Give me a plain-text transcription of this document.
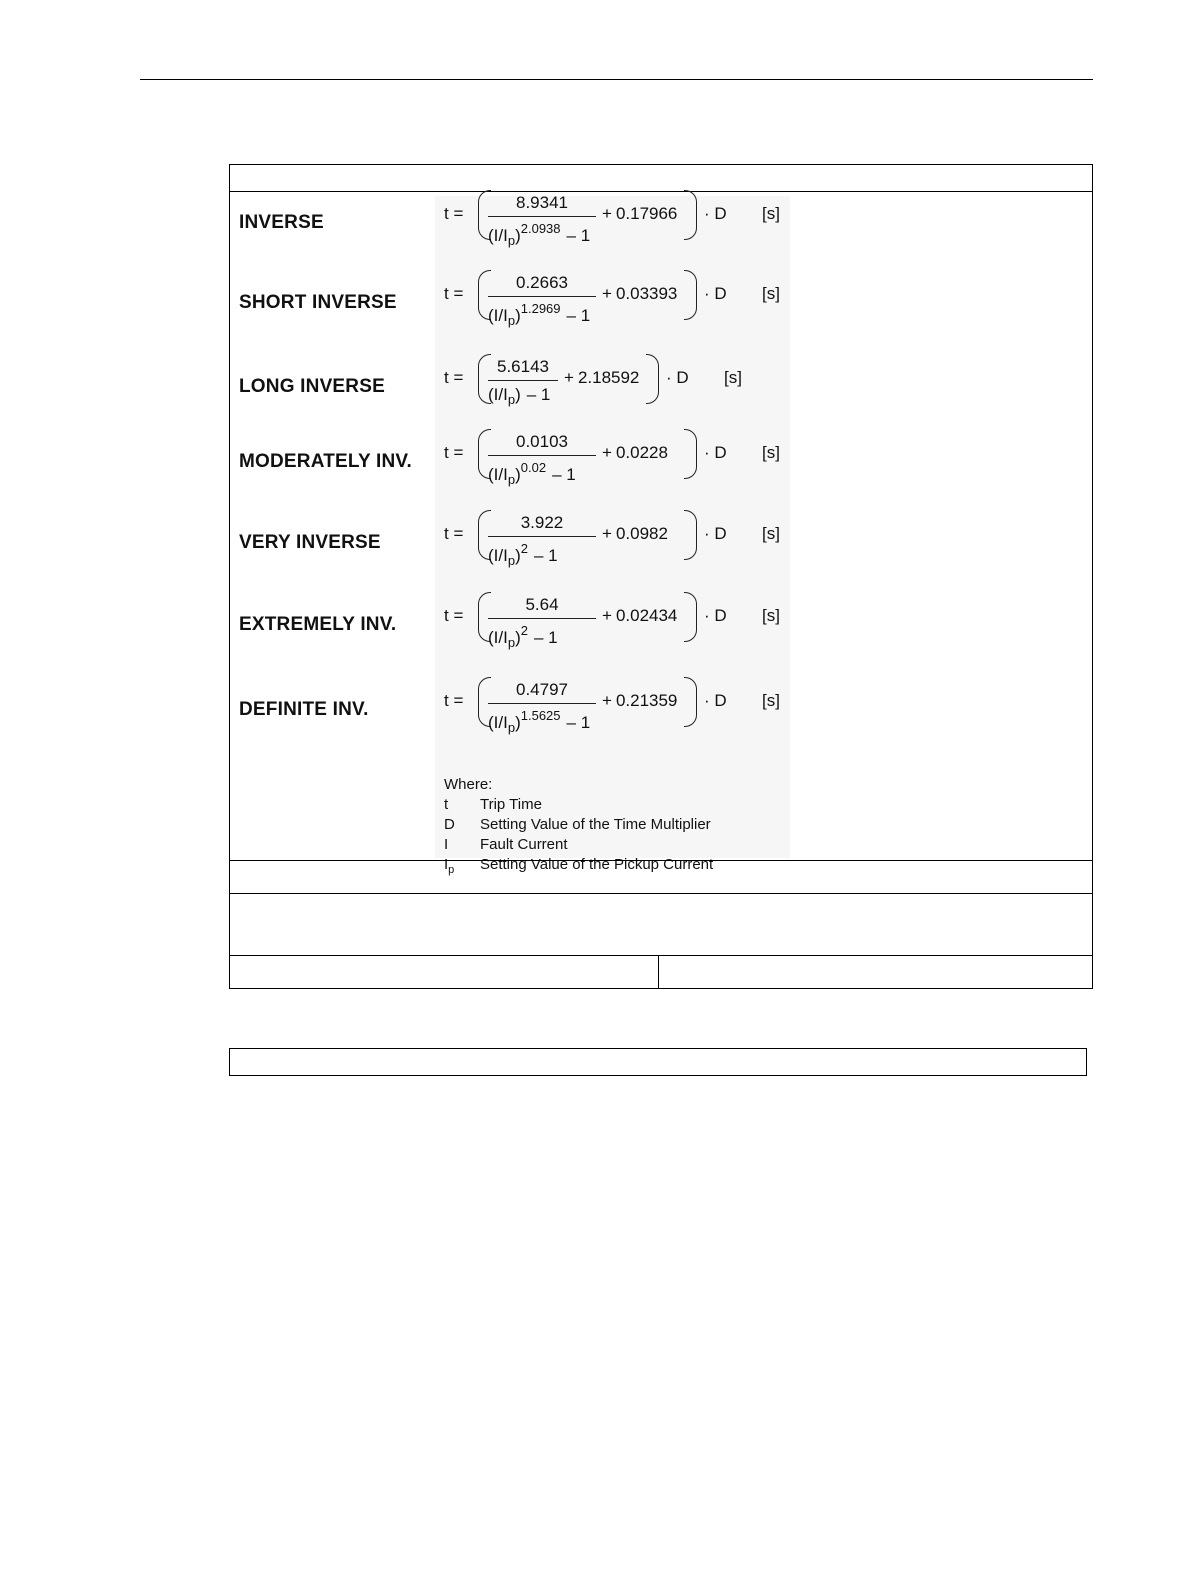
INVERSE	t =
8.9341
$(I/I_p)^{2.0938} - 1$
+ 0.17966 · D [s]
SHORT INVERSE	t =
0.2663
$(I/I_p)^{1.2969} - 1$
+ 0.03393 · D [s]
LONG INVERSE	t =
5.6143
$(I/I_p) - 1$
+ 2.18592 · D [s]
MODERATELY INV. t =
0.0103
$(I/I_p)^{0.02} - 1$
+ 0.0228 · D [s]
VERY INVERSE	t =
3.922
$(I/I_p)^2 - 1$
+ 0.0982 · D [s]
EXTREMELY INV.	t =
5.64
$(I/I_p)^2 - 1$
+ 0.02434 · D [s]
DEFINITE INV.	t =
0.4797
$(I/I_p)^{1.5625} - 1$
+ 0.21359 · D [s]
Where:
t	Trip Time
D	Setting Value of the Time Multiplier
I	Fault Current
$I_p$	Setting Value of the Pickup Current
